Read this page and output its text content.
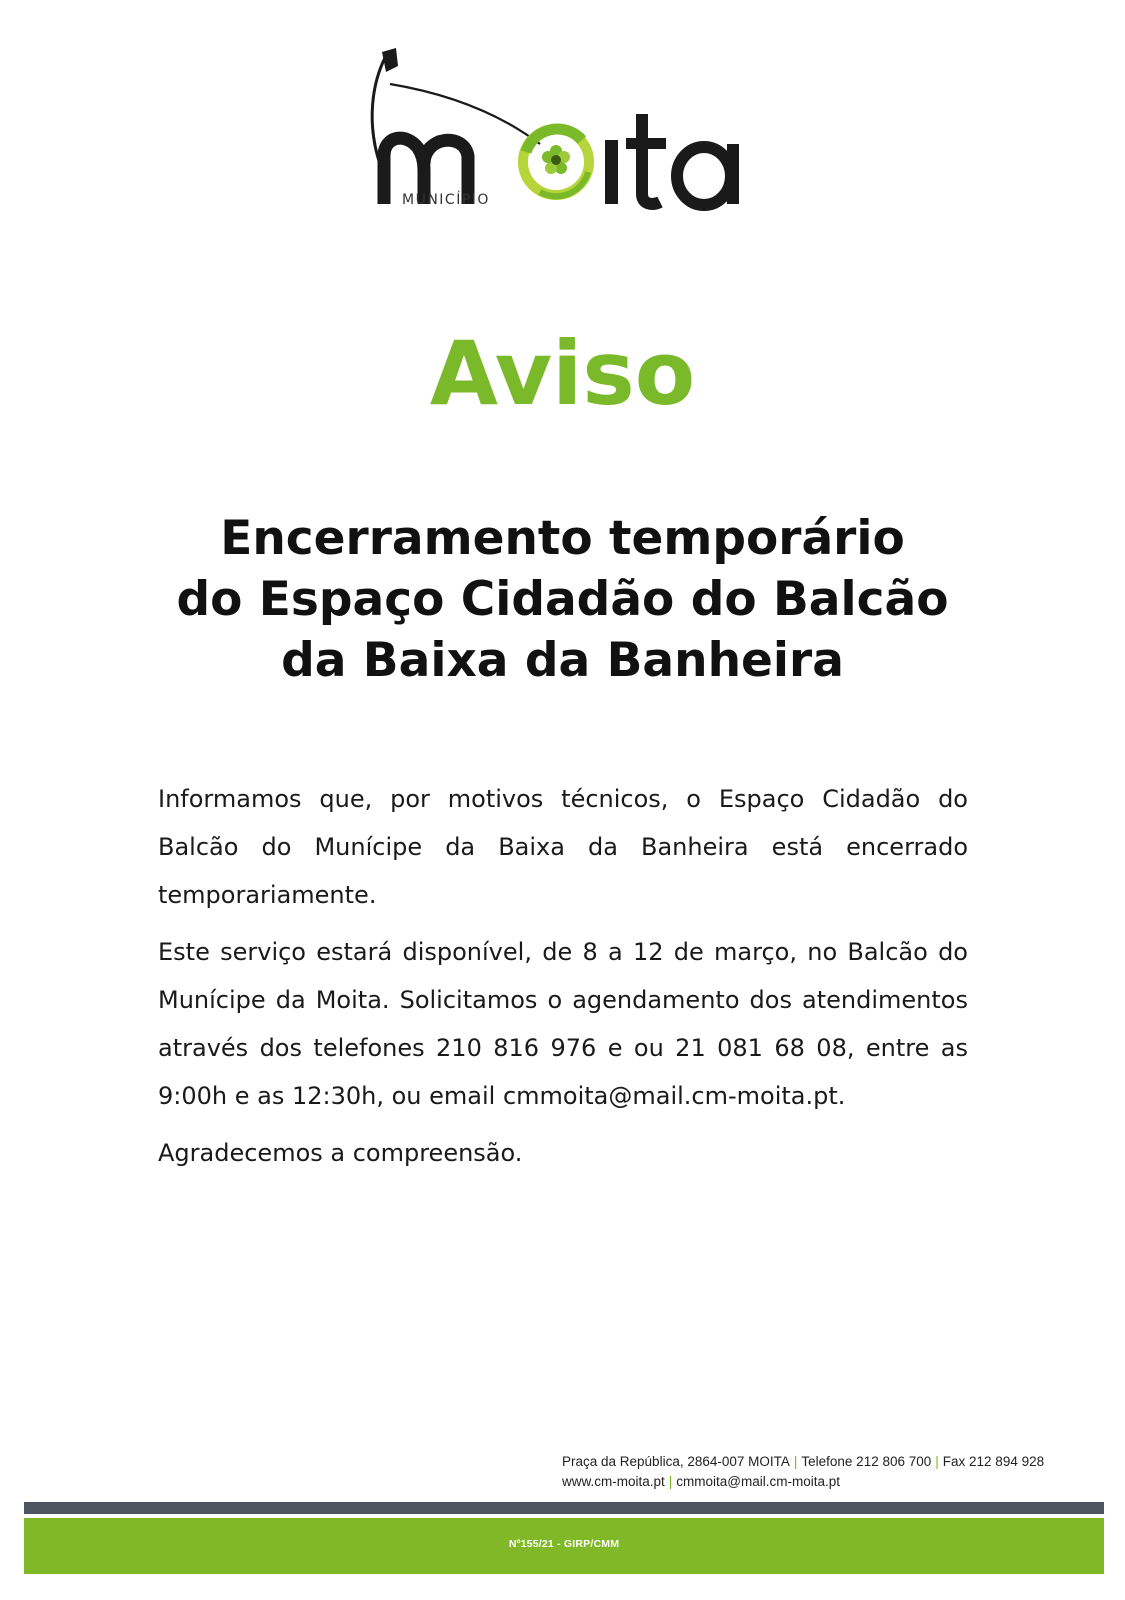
MUNICÍPIO
Aviso
Encerramento temporário
do Espaço Cidadão do Balcão
da Baixa da Banheira

Informamos que, por motivos técnicos, o Espaço Cidadão do Balcão do Munícipe da Baixa da Banheira está encerrado temporariamente.

Este serviço estará disponível, de 8 a 12 de março, no Balcão do Munícipe da Moita. Solicitamos o agendamento dos atendimentos através dos telefones 210 816 976 e ou 21 081 68 08, entre as 9:00h e as 12:30h, ou email cmmoita@mail.cm-moita.pt.

Agradecemos a compreensão.

Praça da República, 2864-007 MOITA | Telefone 212 806 700 | Fax 212 894 928
www.cm-moita.pt | cmmoita@mail.cm-moita.pt
Nº155/21 - GIRP/CMM
